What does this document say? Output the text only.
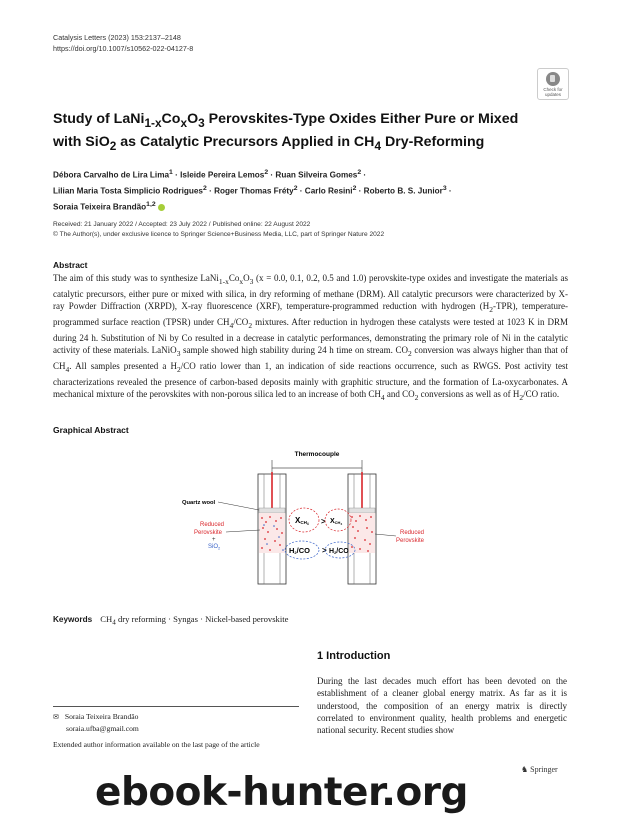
Catalysis Letters (2023) 153:2137–2148
https://doi.org/10.1007/s10562-022-04127-8
Check for updates
Study of $LaNi_{1-x}Co_xO_3$ Perovskites-Type Oxides Either Pure or Mixed
with SiO$_2$ as Catalytic Precursors Applied in $CH_4$ Dry-Reforming
Débora Carvalho de Lira Lima$^1$ · Isleide Pereira Lemos$^2$ · Ruan Silveira Gomes$^2$ ·
Lilian Maria Tosta Simplicio Rodrigues$^2$ · Roger Thomas Fréty$^2$ · Carlo Resini$^2$ · Roberto B. S. Junior$^3$ ·
Soraia Teixeira Brandão$^{1,2}$
Received: 21 January 2022 / Accepted: 23 July 2022 / Published online: 22 August 2022
© The Author(s), under exclusive licence to Springer Science+Business Media, LLC, part of Springer Nature 2022
Abstract
The aim of this study was to synthesize $LaNi_{1-x}Co_xO_3$ (x = 0.0, 0.1, 0.2, 0.5 and 1.0) perovskite-type oxides and investigate the materials as catalytic precursors, either pure or mixed with silica, in dry reforming of methane (DRM). All catalytic precursors were characterized by X-ray Powder Diffraction (XRPD), X-ray fluorescence (XRF), temperature-programmed reduction with hydrogen $(H_2-TPR)$, temperature-programmed surface reaction (TPSR) under $CH_4/CO_2$ mixtures. After reduction in hydrogen these catalysts were tested at 1023 K in DRM during 24 h. Substitution of Ni by Co resulted in a decrease in catalytic performances, demonstrating the primary role of Ni in the catalytic activity of these materials. LaNiO$_3$ sample showed high stability during 24 h time on stream. $CO_2$ conversion was always higher than that of $CH_4$. All samples presented a $H_2/CO$ ratio lower than 1, an indication of side reactions occurrence, such as RWGS. Post activity test characterizations revealed the presence of carbon-based deposits mainly with graphitic structure, and the formation of La-oxycarbonates. A mechanical mixture of the perovskites with non-porous silica led to an increase of both $CH_4$ and $CO_2$ conversions as well as of $H_2/CO$ ratio.
Graphical Abstract
Thermocouple
Quartz wool
Reduced
Perovskite
+
SiO$_2$
XCH4 > XCH4
H2/CO > H2/CO
Reduced
Perovskite
Keywords $CH_4$ dry reforming · Syngas · Nickel-based perovskite
1 Introduction
During the last decades much effort has been devoted on the establishment of a cleaner global energy matrix. As far as it is understood, the composition of an energy matrix is directly correlated to environment quality, health problems and energetic national security. Recent studies show
✉ Soraia Teixeira Brandão
soraia.ufba@gmail.com
Extended author information available on the last page of the article
♞ Springer
ebook-hunter.org
